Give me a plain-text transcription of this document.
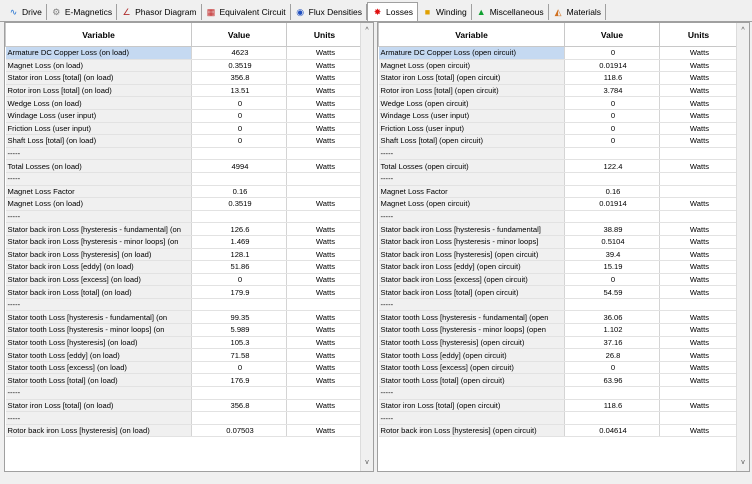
∿ Drive ⚙ E-Magnetics ∠ Phasor Diagram ▦ Equivalent Circuit ◉ Flux Densities ✸ Losses	■ Winding ▲ Miscellaneous ◭ Materials
Variable	Value	Units
Armature DC Copper Loss (on load)	4623	Watts
Magnet Loss (on load)	0.3519	Watts
Stator iron Loss [total] (on load)	356.8	Watts
Rotor iron Loss [total] (on load)	13.51	Watts
Wedge Loss (on load)	0	Watts
Windage Loss (user input)	0	Watts
Friction Loss (user input)	0	Watts
Shaft Loss [total] (on load)	0	Watts
-----		
Total Losses (on load)	4994	Watts
-----		
Magnet Loss Factor	0.16	
Magnet Loss (on load)	0.3519	Watts
-----		
Stator back iron Loss [hysteresis - fundamental] (on	126.6	Watts
Stator back iron Loss [hysteresis - minor loops] (on	1.469	Watts
Stator back iron Loss [hysteresis] (on load)	128.1	Watts
Stator back iron Loss [eddy] (on load)	51.86	Watts
Stator back iron Loss [excess] (on load)	0	Watts
Stator back iron Loss [total] (on load)	179.9	Watts
-----		
Stator tooth Loss [hysteresis - fundamental] (on	99.35	Watts
Stator tooth Loss [hysteresis - minor loops] (on	5.989	Watts
Stator tooth Loss [hysteresis] (on load)	105.3	Watts
Stator tooth Loss [eddy] (on load)	71.58	Watts
Stator tooth Loss [excess] (on load)	0	Watts
Stator tooth Loss [total] (on load)	176.9	Watts
-----		
Stator iron Loss [total] (on load)	356.8	Watts
-----		
Rotor back iron Loss [hysteresis] (on load)	0.07503	Watts
^
v
Variable	Value	Units
Armature DC Copper Loss (open circuit)	0	Watts
Magnet Loss (open circuit)	0.01914	Watts
Stator iron Loss [total] (open circuit)	118.6	Watts
Rotor iron Loss [total] (open circuit)	3.784	Watts
Wedge Loss (open circuit)	0	Watts
Windage Loss (user input)	0	Watts
Friction Loss (user input)	0	Watts
Shaft Loss [total] (open circuit)	0	Watts
-----		
Total Losses (open circuit)	122.4	Watts
-----		
Magnet Loss Factor	0.16	
Magnet Loss (open circuit)	0.01914	Watts
-----		
Stator back iron Loss [hysteresis - fundamental]	38.89	Watts
Stator back iron Loss [hysteresis - minor loops]	0.5104	Watts
Stator back iron Loss [hysteresis] (open circuit)	39.4	Watts
Stator back iron Loss [eddy] (open circuit)	15.19	Watts
Stator back iron Loss [excess] (open circuit)	0	Watts
Stator back iron Loss [total] (open circuit)	54.59	Watts
-----		
Stator tooth Loss [hysteresis - fundamental] (open	36.06	Watts
Stator tooth Loss [hysteresis - minor loops] (open	1.102	Watts
Stator tooth Loss [hysteresis] (open circuit)	37.16	Watts
Stator tooth Loss [eddy] (open circuit)	26.8	Watts
Stator tooth Loss [excess] (open circuit)	0	Watts
Stator tooth Loss [total] (open circuit)	63.96	Watts
-----		
Stator iron Loss [total] (open circuit)	118.6	Watts
-----		
Rotor back iron Loss [hysteresis] (open circuit)	0.04614	Watts
^
v
